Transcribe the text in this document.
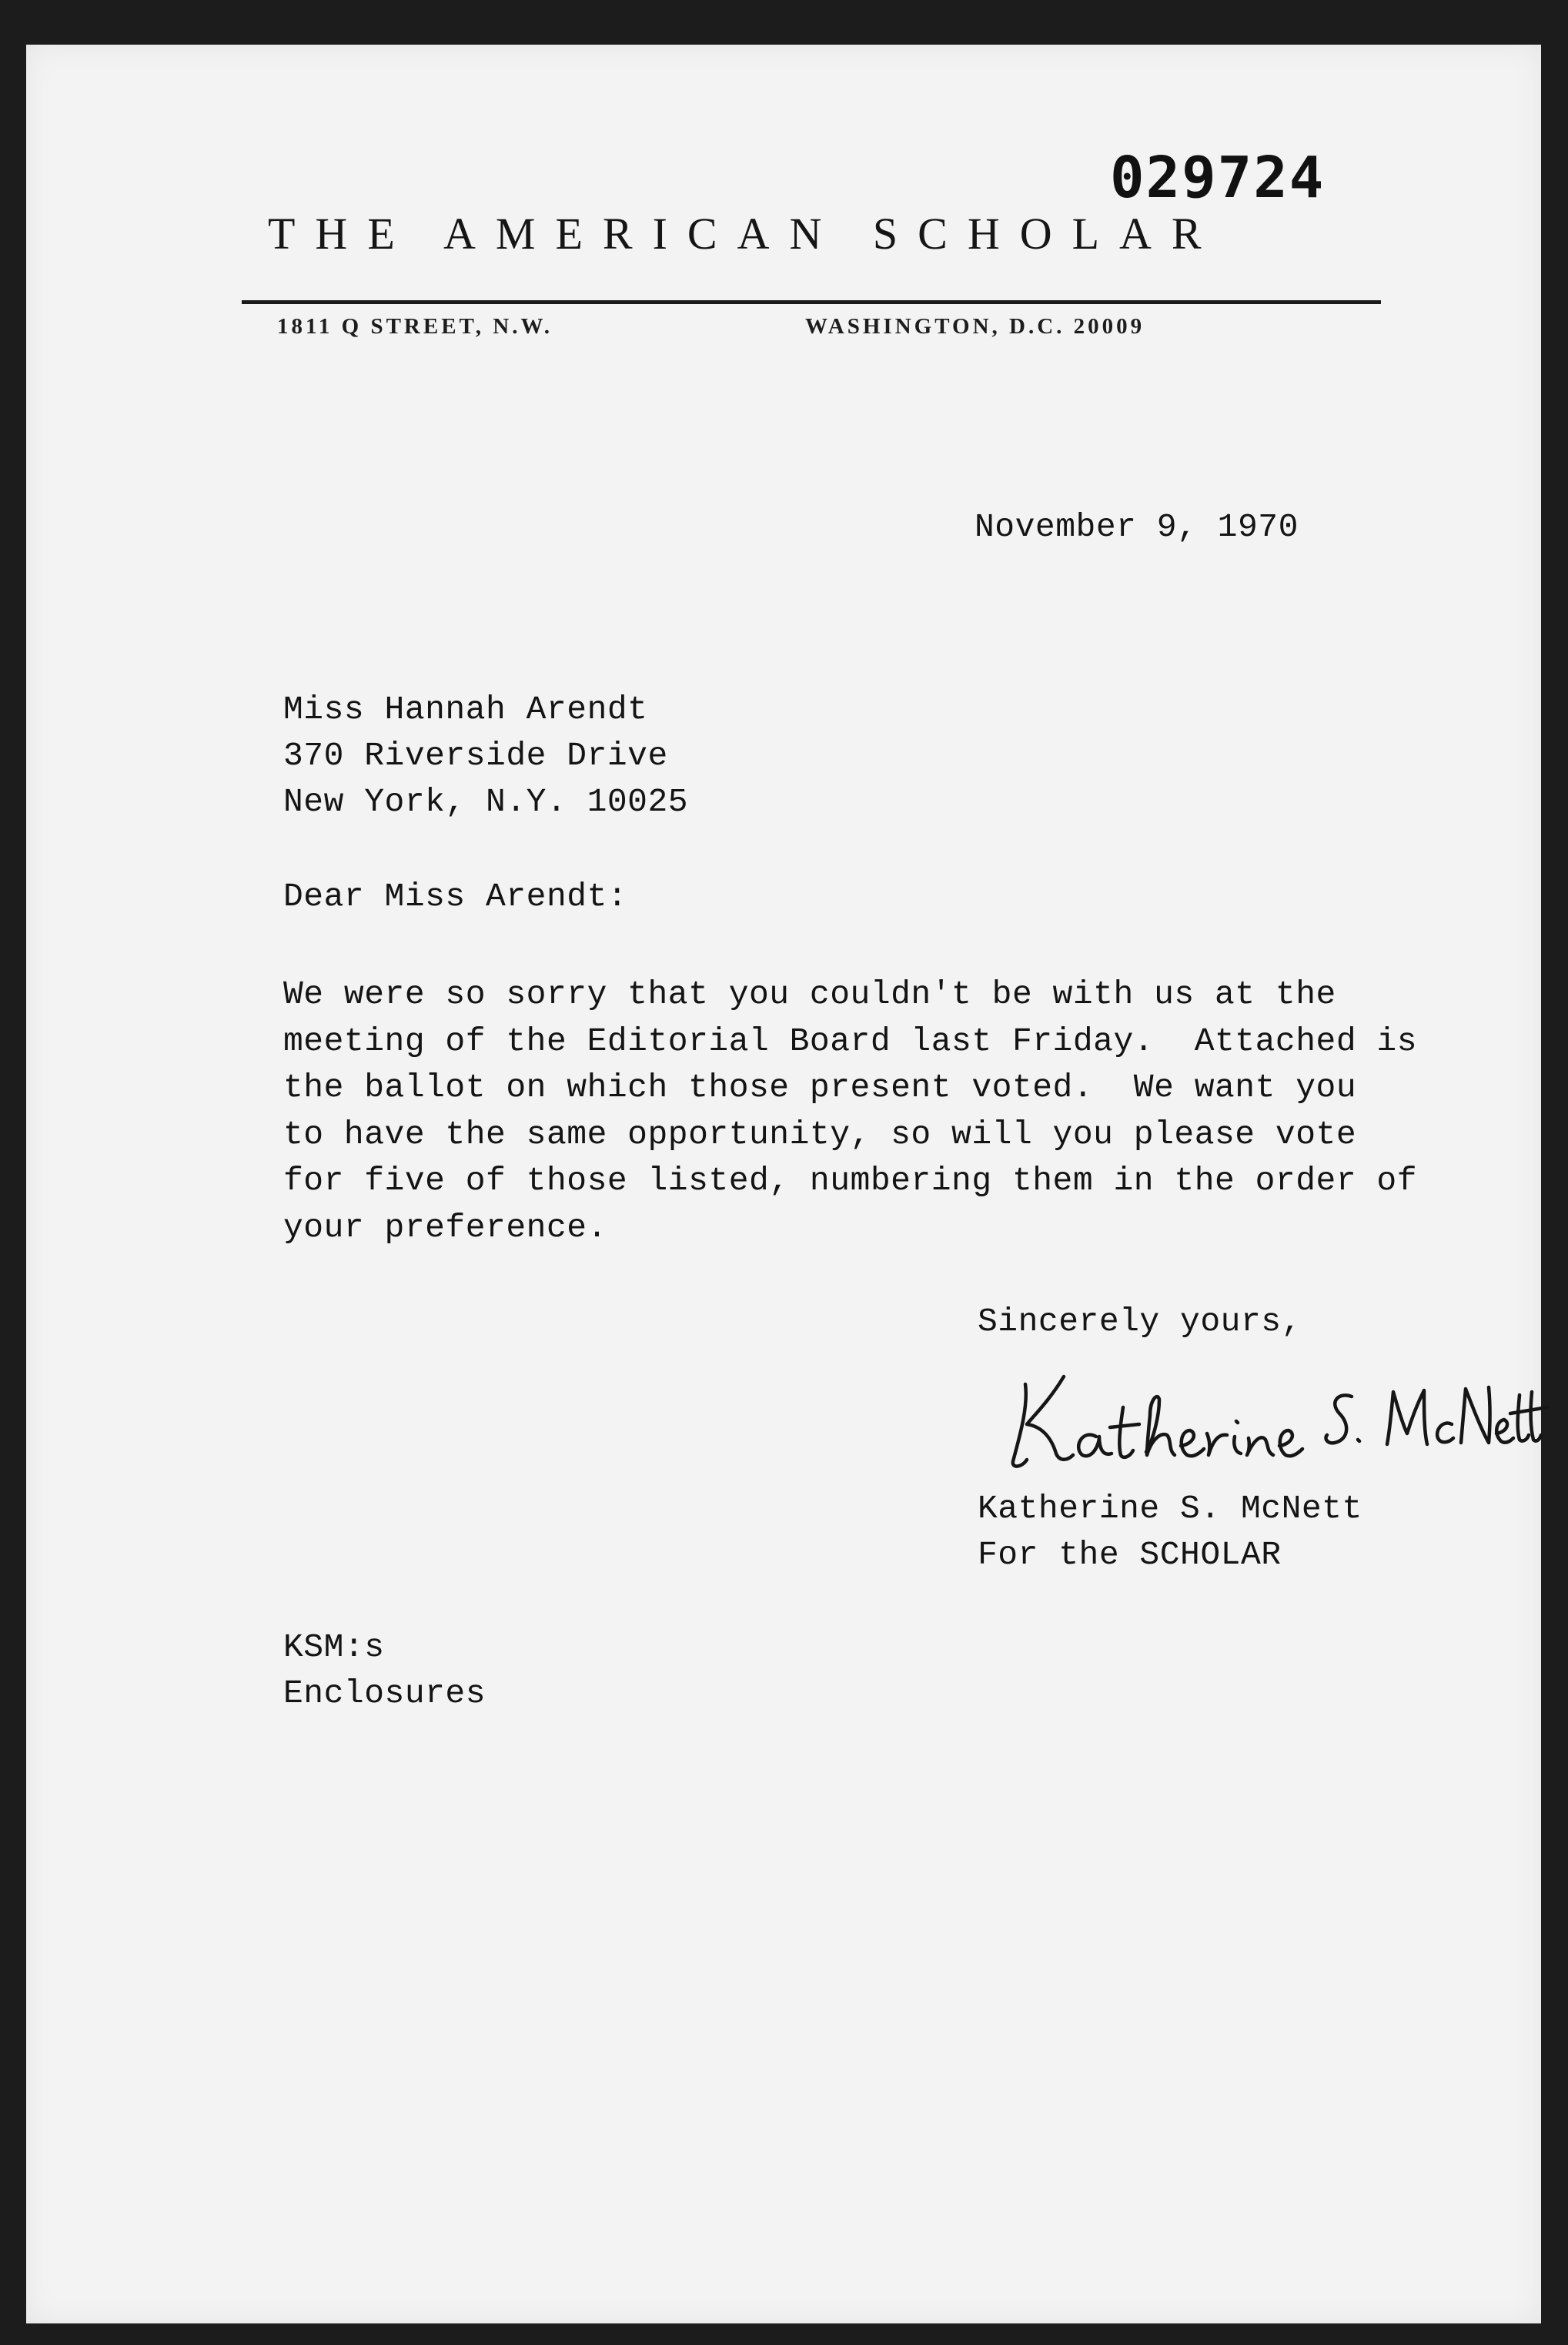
029724
THE AMERICAN SCHOLAR
1811 Q STREET, N.W.	WASHINGTON, D.C. 20009
November 9, 1970
Miss Hannah Arendt
370 Riverside Drive
New York, N.Y. 10025
Dear Miss Arendt:
We were so sorry that you couldn't be with us at the
meeting of the Editorial Board last Friday.  Attached is
the ballot on which those present voted.  We want you
to have the same opportunity, so will you please vote
for five of those listed, numbering them in the order of
your preference.
Sincerely yours,
Katherine S. McNett
For the SCHOLAR
KSM:s
Enclosures
